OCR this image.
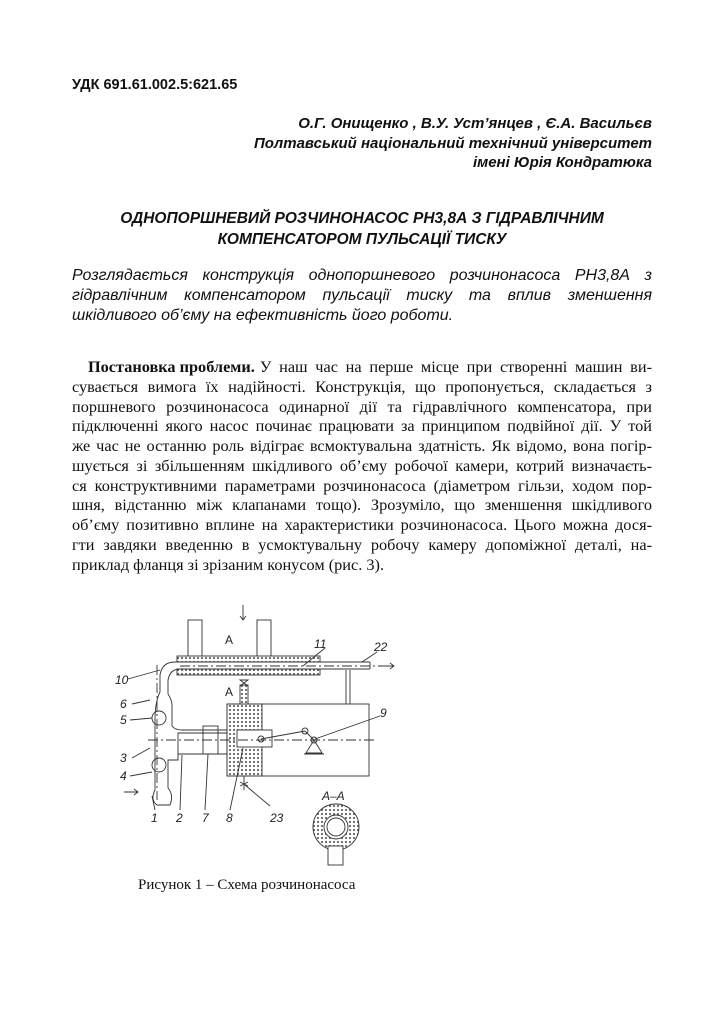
УДК 691.61.002.5:621.65
О.Г. Онищенко , В.У. Уст’янцев , Є.А. Васильєв
Полтавський національний технічний університет
імені Юрія Кондратюка
ОДНОПОРШНЕВИЙ РОЗЧИНОНАСОС РН3,8А З ГІДРАВЛІЧНИМ
КОМПЕНСАТОРОМ ПУЛЬСАЦІЇ ТИСКУ
Розглядається конструкція однопоршневого розчинонасоса РН3,8А з
гідравлічним компенсатором пульсації тиску та вплив зменшення
шкідливого об’єму на ефективність його роботи.
Постановка проблеми. У наш час на перше місце при створенні машин ви-
сувається вимога їх надійності. Конструкція, що пропонується, складається з
поршневого розчинонасоса одинарної дії та гідравлічного компенсатора, при
підключенні якого насос починає працювати за принципом подвійної дії. У той
же час не останню роль відіграє всмоктувальна здатність. Як відомо, вона погір-
шується зі збільшенням шкідливого об’єму робочої камери, котрий визначаєть-
ся конструктивними параметрами розчинонасоса (діаметром гільзи, ходом пор-
шня, відстанню між клапанами тощо). Зрозуміло, що зменшення шкідливого
об’єму позитивно вплине на характеристики розчинонасоса. Цього можна дося-
гти завдяки введенню в усмоктувальну робочу камеру допоміжної деталі, на-
приклад фланця зі зрізаним конусом (рис. 3).
10
6
5
3
4
1 2 7 8	23
9
11	22
A
A
А–А
Рисунок 1 – Схема розчинонасоса
